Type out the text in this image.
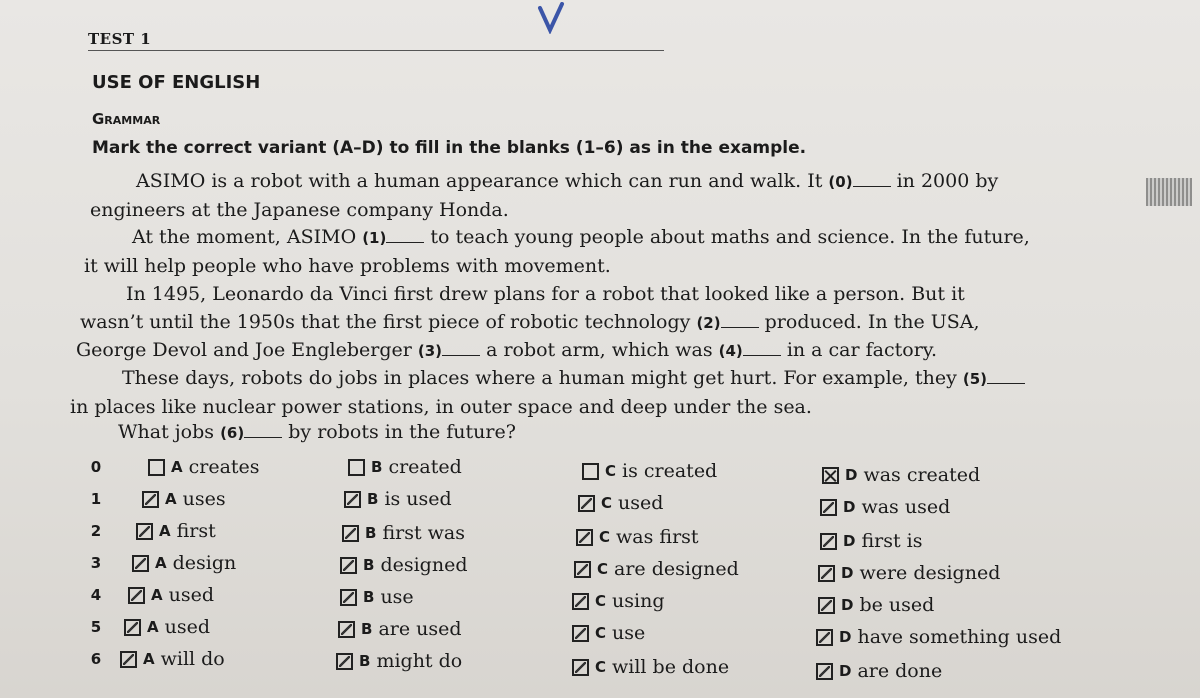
TEST 1
USE OF ENGLISH
Grammar
Mark the correct variant (A–D) to fill in the blanks (1–6) as in the example.
ASIMO is a robot with a human appearance which can run and walk. It (0) in 2000 by
engineers at the Japanese company Honda.
At the moment, ASIMO (1) to teach young people about maths and science. In the future,
it will help people who have problems with movement.
In 1495, Leonardo da Vinci first drew plans for a robot that looked like a person. But it
wasn’t until the 1950s that the first piece of robotic technology (2) produced. In the USA,
George Devol and Joe Engleberger (3) a robot arm, which was (4) in a car factory.
These days, robots do jobs in places where a human might get hurt. For example, they (5)
in places like nuclear power stations, in outer space and deep under the sea.
What jobs (6) by robots in the future?
0	A creates	B created	C is created	D was created
1	A uses	B is used	C used	D was used
2	A first	B first was	C was first	D first is
3	A design	B designed	C are designed	D were designed
4	A used	B use	C using	D be used
5	A used	B are used	C use	D have something used
6	A will do	B might do	C will be done	D are done
